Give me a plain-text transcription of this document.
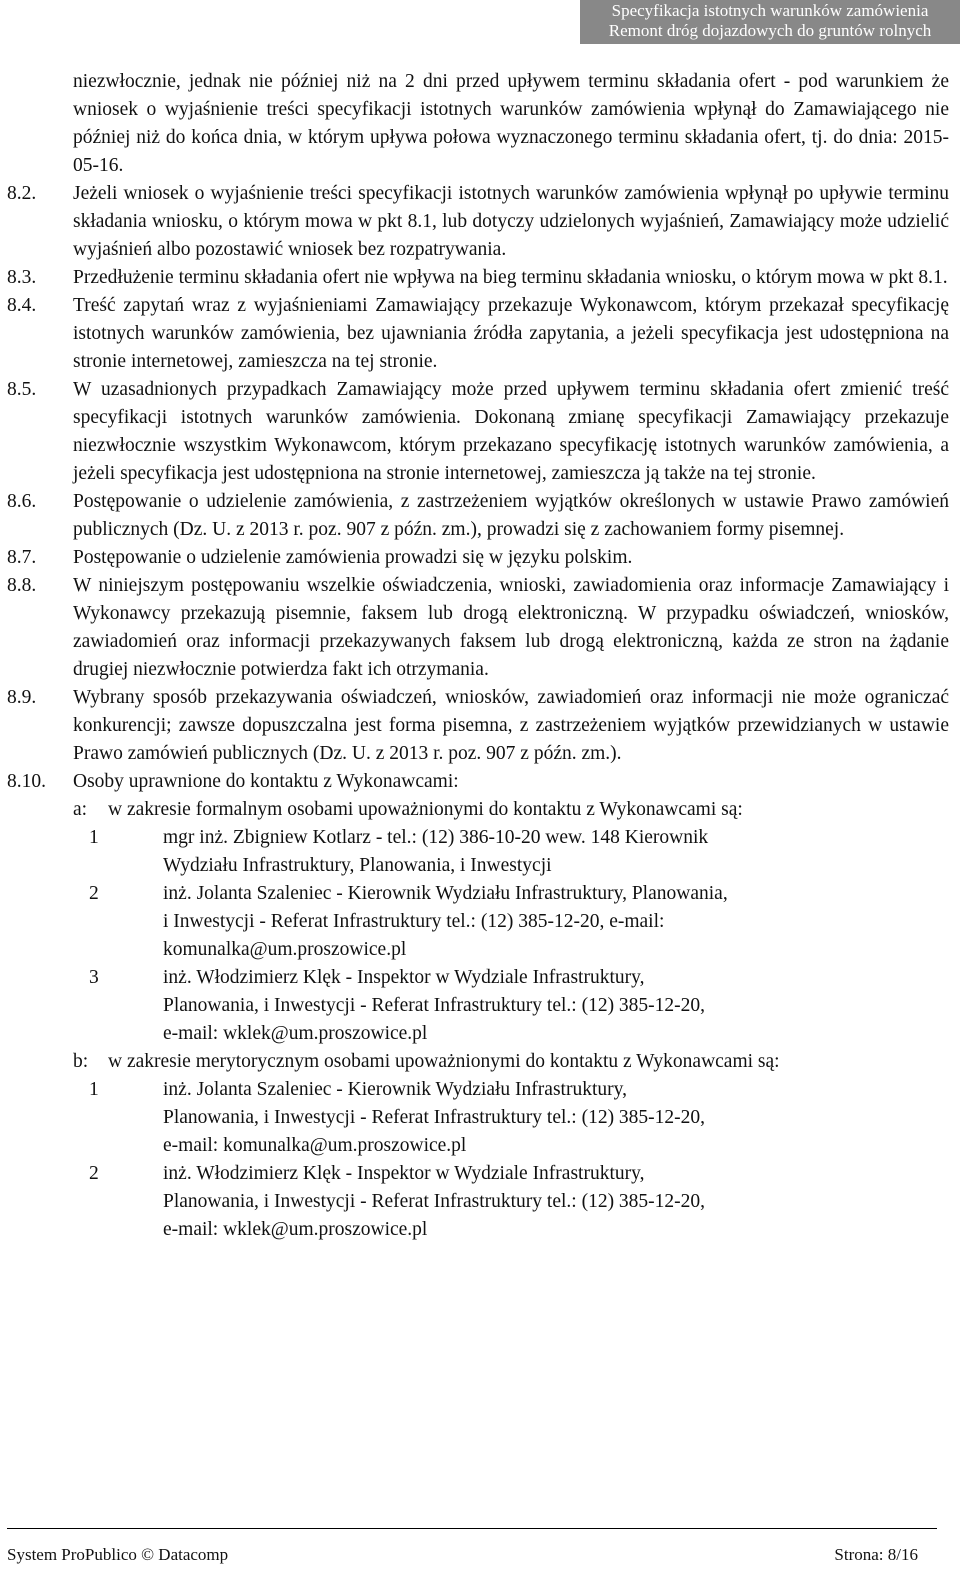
Specyfikacja istotnych warunków zamówienia
Remont dróg dojazdowych do gruntów rolnych
niezwłocznie, jednak nie później niż na 2 dni przed upływem terminu składania ofert - pod warunkiem że wniosek o wyjaśnienie treści specyfikacji istotnych warunków zamówienia wpłynął do Zamawiającego nie później niż do końca dnia, w którym upływa połowa wyznaczonego terminu składania ofert, tj. do dnia: 2015-05-16.
8.2. Jeżeli wniosek o wyjaśnienie treści specyfikacji istotnych warunków zamówienia wpłynął po upływie terminu składania wniosku, o którym mowa w pkt 8.1, lub dotyczy udzielonych wyjaśnień, Zamawiający może udzielić wyjaśnień albo pozostawić wniosek bez rozpatrywania.
8.3. Przedłużenie terminu składania ofert nie wpływa na bieg terminu składania wniosku, o którym mowa w pkt 8.1.
8.4. Treść zapytań wraz z wyjaśnieniami Zamawiający przekazuje Wykonawcom, którym przekazał specyfikację istotnych warunków zamówienia, bez ujawniania źródła zapytania, a jeżeli specyfikacja jest udostępniona na stronie internetowej, zamieszcza na tej stronie.
8.5. W uzasadnionych przypadkach Zamawiający może przed upływem terminu składania ofert zmienić treść specyfikacji istotnych warunków zamówienia. Dokonaną zmianę specyfikacji Zamawiający przekazuje niezwłocznie wszystkim Wykonawcom, którym przekazano specyfikację istotnych warunków zamówienia, a jeżeli specyfikacja jest udostępniona na stronie internetowej, zamieszcza ją także na tej stronie.
8.6. Postępowanie o udzielenie zamówienia, z zastrzeżeniem wyjątków określonych w ustawie Prawo zamówień publicznych (Dz. U. z 2013 r. poz. 907 z późn. zm.), prowadzi się z zachowaniem formy pisemnej.
8.7. Postępowanie o udzielenie zamówienia prowadzi się w języku polskim.
8.8. W niniejszym postępowaniu wszelkie oświadczenia, wnioski, zawiadomienia oraz informacje Zamawiający i Wykonawcy przekazują pisemnie, faksem lub drogą elektroniczną. W przypadku oświadczeń, wniosków, zawiadomień oraz informacji przekazywanych faksem lub drogą elektroniczną, każda ze stron na żądanie drugiej niezwłocznie potwierdza fakt ich otrzymania.
8.9. Wybrany sposób przekazywania oświadczeń, wniosków, zawiadomień oraz informacji nie może ograniczać konkurencji; zawsze dopuszczalna jest forma pisemna, z zastrzeżeniem wyjątków przewidzianych w ustawie Prawo zamówień publicznych (Dz. U. z 2013 r. poz. 907 z późn. zm.).
8.10. Osoby uprawnione do kontaktu z Wykonawcami:
a: w zakresie formalnym osobami upoważnionymi do kontaktu z Wykonawcami są:
1	mgr inż. Zbigniew Kotlarz - tel.: (12) 386-10-20 wew. 148 Kierownik
Wydziału Infrastruktury, Planowania, i Inwestycji
2	inż. Jolanta Szaleniec - Kierownik Wydziału Infrastruktury, Planowania,
i Inwestycji - Referat Infrastruktury tel.: (12) 385-12-20, e-mail:
komunalka@um.proszowice.pl
3	inż. Włodzimierz Klęk - Inspektor w Wydziale Infrastruktury,
Planowania, i Inwestycji - Referat Infrastruktury tel.: (12) 385-12-20,
e-mail: wklek@um.proszowice.pl
b: w zakresie merytorycznym osobami upoważnionymi do kontaktu z Wykonawcami są:
1	inż. Jolanta Szaleniec - Kierownik Wydziału Infrastruktury,
Planowania, i Inwestycji - Referat Infrastruktury tel.: (12) 385-12-20,
e-mail: komunalka@um.proszowice.pl
2	inż. Włodzimierz Klęk - Inspektor w Wydziale Infrastruktury,
Planowania, i Inwestycji - Referat Infrastruktury tel.: (12) 385-12-20,
e-mail: wklek@um.proszowice.pl
System ProPublico © Datacomp	Strona: 8/16
